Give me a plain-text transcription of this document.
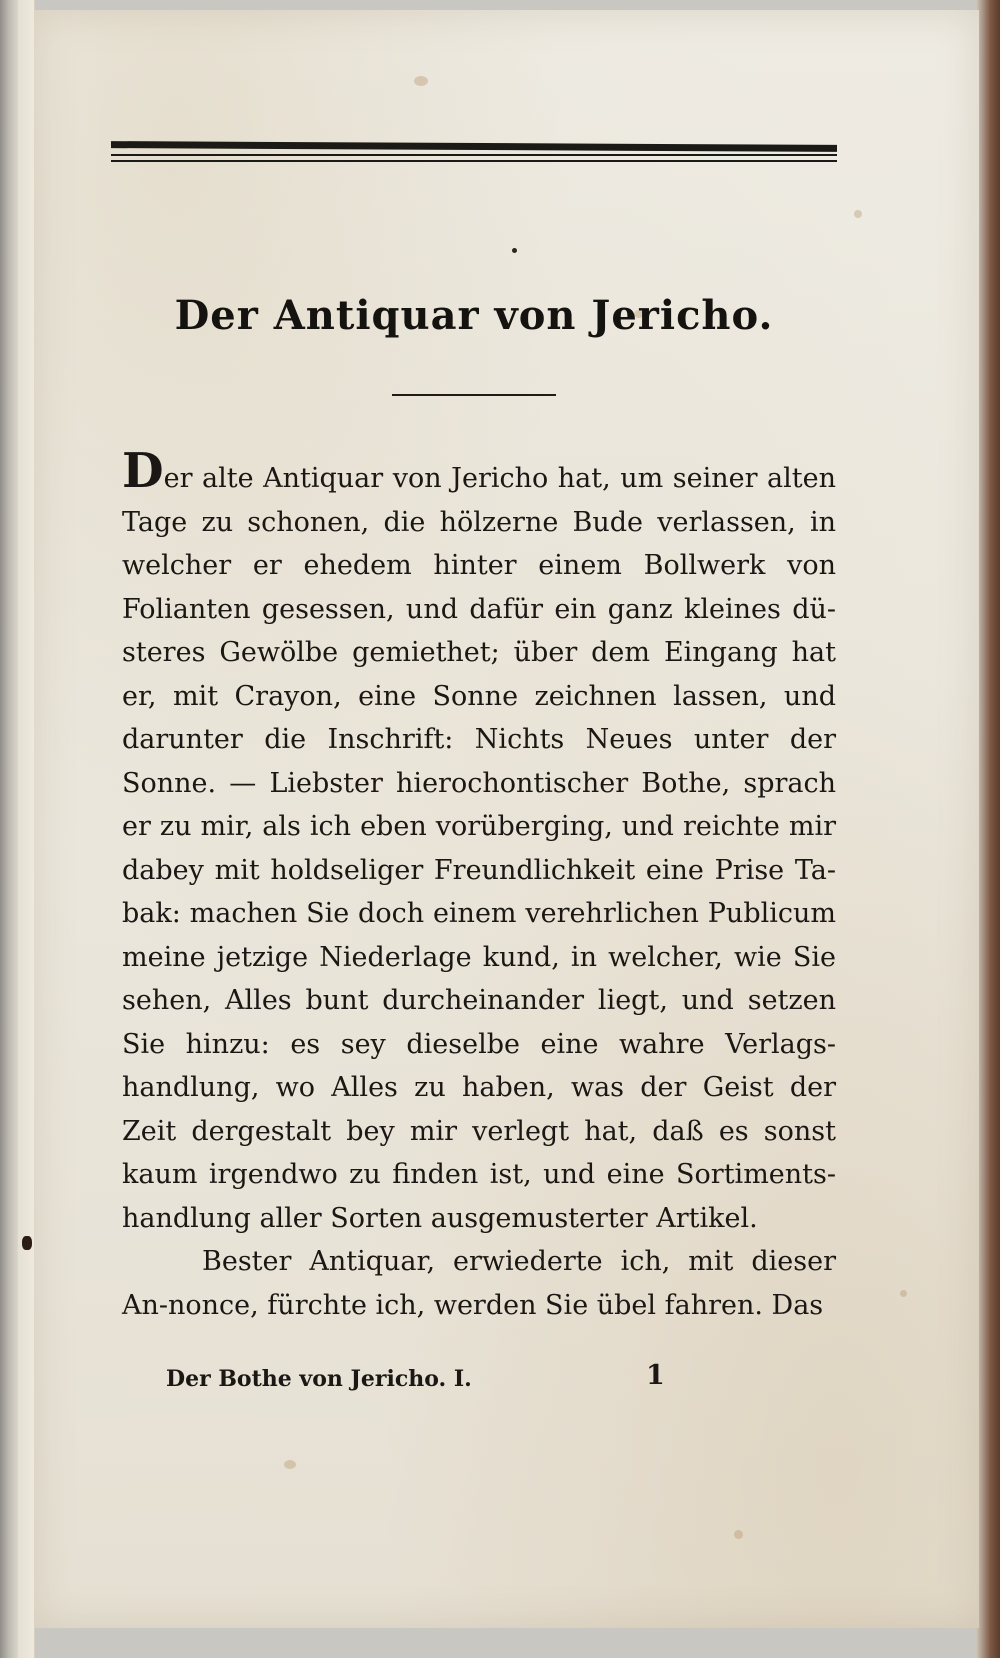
Der Antiquar von Jericho.

Der alte Antiquar von Jericho hat, um seiner alten Tage zu schonen, die hölzerne Bude verlassen, in welcher er ehedem hinter einem Bollwerk von Folianten gesessen, und dafür ein ganz kleines dü-steres Gewölbe gemiethet; über dem Eingang hat er, mit Crayon, eine Sonne zeichnen lassen, und darunter die Inschrift: Nichts Neues unter der Sonne. — Liebster hierochontischer Bothe, sprach er zu mir, als ich eben vorüberging, und reichte mir dabey mit holdseliger Freundlichkeit eine Prise Ta-bak: machen Sie doch einem verehrlichen Publicum meine jetzige Niederlage kund, in welcher, wie Sie sehen, Alles bunt durcheinander liegt, und setzen Sie hinzu: es sey dieselbe eine wahre Verlags-handlung, wo Alles zu haben, was der Geist der Zeit dergestalt bey mir verlegt hat, daß es sonst kaum irgendwo zu finden ist, und eine Sortiments-handlung aller Sorten ausgemusterter Artikel.

Bester Antiquar, erwiederte ich, mit dieser An-nonce, fürchte ich, werden Sie übel fahren. Das

Der Bothe von Jericho. I.	1
